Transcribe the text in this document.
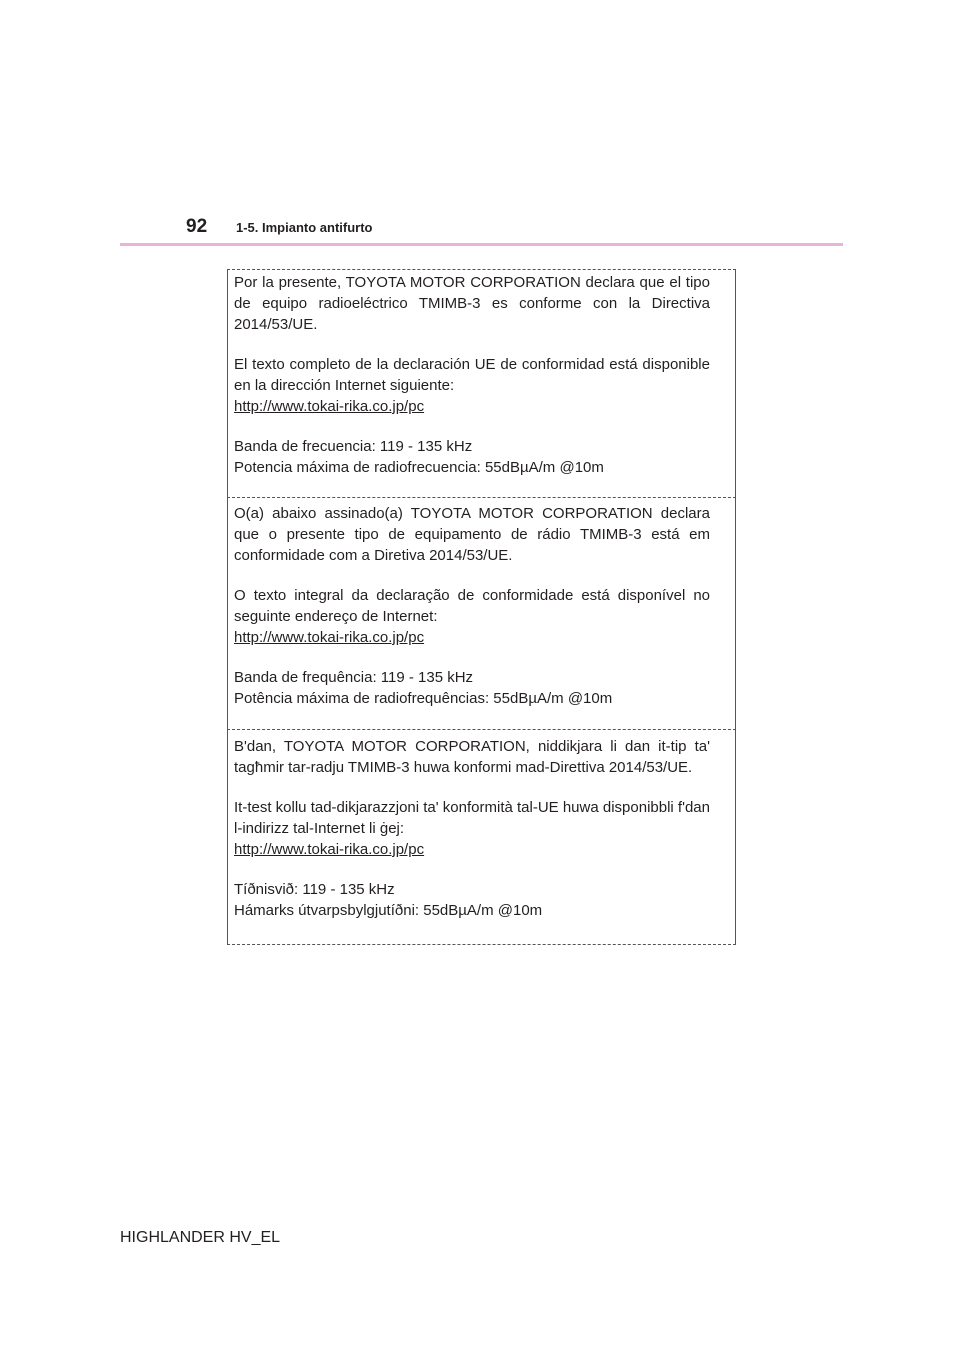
92 1-5. Impianto antifurto

Por la presente, TOYOTA MOTOR CORPORATION declara que el tipo de equipo radioeléctrico TMIMB-3 es conforme con la Directiva 2014/53/UE.

El texto completo de la declaración UE de conformidad está disponible en la dirección Internet siguiente:

http://www.tokai-rika.co.jp/pc

Banda de frecuencia: 119 - 135 kHz

Potencia máxima de radiofrecuencia: 55dBµA/m @10m

O(a) abaixo assinado(a) TOYOTA MOTOR CORPORATION declara que o presente tipo de equipamento de rádio TMIMB-3 está em conformidade com a Diretiva 2014/53/UE.

O texto integral da declaração de conformidade está disponível no seguinte endereço de Internet:

http://www.tokai-rika.co.jp/pc

Banda de frequência: 119 - 135 kHz

Potência máxima de radiofrequências: 55dBµA/m @10m

B'dan, TOYOTA MOTOR CORPORATION, niddikjara li dan it-tip ta' tagħmir tar-radju TMIMB-3 huwa konformi mad-Direttiva 2014/53/UE.

It-test kollu tad-dikjarazzjoni ta' konformità tal-UE huwa disponibbli f'dan l-indirizz tal-Internet li ġej:

http://www.tokai-rika.co.jp/pc

Tíðnisvið: 119 - 135 kHz

Hámarks útvarpsbylgjutíðni: 55dBµA/m @10m

HIGHLANDER HV_EL
